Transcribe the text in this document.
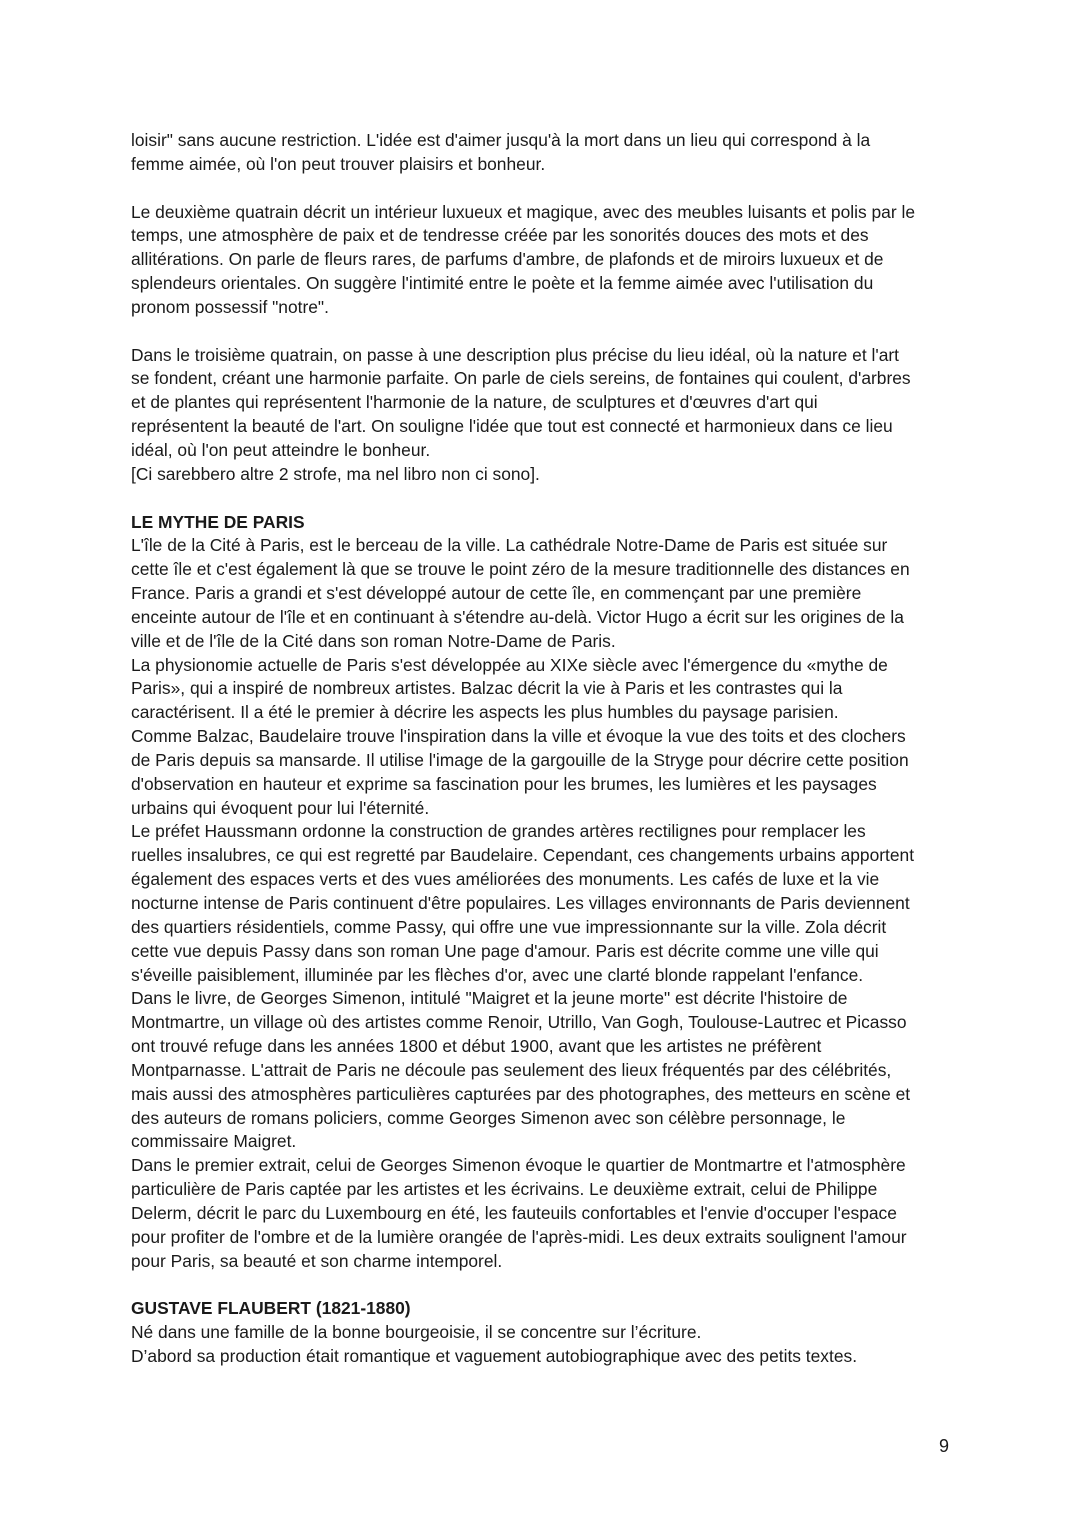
loisir" sans aucune restriction. L'idée est d'aimer jusqu'à la mort dans un lieu qui correspond à la
femme aimée, où l'on peut trouver plaisirs et bonheur.
Le deuxième quatrain décrit un intérieur luxueux et magique, avec des meubles luisants et polis par le
temps, une atmosphère de paix et de tendresse créée par les sonorités douces des mots et des
allitérations. On parle de fleurs rares, de parfums d'ambre, de plafonds et de miroirs luxueux et de
splendeurs orientales. On suggère l'intimité entre le poète et la femme aimée avec l'utilisation du
pronom possessif "notre".
Dans le troisième quatrain, on passe à une description plus précise du lieu idéal, où la nature et l'art
se fondent, créant une harmonie parfaite. On parle de ciels sereins, de fontaines qui coulent, d'arbres
et de plantes qui représentent l'harmonie de la nature, de sculptures et d'œuvres d'art qui
représentent la beauté de l'art. On souligne l'idée que tout est connecté et harmonieux dans ce lieu
idéal, où l'on peut atteindre le bonheur.
[Ci sarebbero altre 2 strofe, ma nel libro non ci sono].
LE MYTHE DE PARIS
L'île de la Cité à Paris, est le berceau de la ville. La cathédrale Notre-Dame de Paris est située sur
cette île et c'est également là que se trouve le point zéro de la mesure traditionnelle des distances en
France. Paris a grandi et s'est développé autour de cette île, en commençant par une première
enceinte autour de l'île et en continuant à s'étendre au-delà. Victor Hugo a écrit sur les origines de la
ville et de l'île de la Cité dans son roman Notre-Dame de Paris.
La physionomie actuelle de Paris s'est développée au XIXe siècle avec l'émergence du «mythe de
Paris», qui a inspiré de nombreux artistes. Balzac décrit la vie à Paris et les contrastes qui la
caractérisent. Il a été le premier à décrire les aspects les plus humbles du paysage parisien.
Comme Balzac, Baudelaire trouve l'inspiration dans la ville et évoque la vue des toits et des clochers
de Paris depuis sa mansarde. Il utilise l'image de la gargouille de la Stryge pour décrire cette position
d'observation en hauteur et exprime sa fascination pour les brumes, les lumières et les paysages
urbains qui évoquent pour lui l'éternité.
Le préfet Haussmann ordonne la construction de grandes artères rectilignes pour remplacer les
ruelles insalubres, ce qui est regretté par Baudelaire. Cependant, ces changements urbains apportent
également des espaces verts et des vues améliorées des monuments. Les cafés de luxe et la vie
nocturne intense de Paris continuent d'être populaires. Les villages environnants de Paris deviennent
des quartiers résidentiels, comme Passy, qui offre une vue impressionnante sur la ville. Zola décrit
cette vue depuis Passy dans son roman Une page d'amour. Paris est décrite comme une ville qui
s'éveille paisiblement, illuminée par les flèches d'or, avec une clarté blonde rappelant l'enfance.
Dans le livre, de Georges Simenon, intitulé "Maigret et la jeune morte" est décrite l'histoire de
Montmartre, un village où des artistes comme Renoir, Utrillo, Van Gogh, Toulouse-Lautrec et Picasso
ont trouvé refuge dans les années 1800 et début 1900, avant que les artistes ne préfèrent
Montparnasse. L'attrait de Paris ne découle pas seulement des lieux fréquentés par des célébrités,
mais aussi des atmosphères particulières capturées par des photographes, des metteurs en scène et
des auteurs de romans policiers, comme Georges Simenon avec son célèbre personnage, le
commissaire Maigret.
Dans le premier extrait, celui de Georges Simenon évoque le quartier de Montmartre et l'atmosphère
particulière de Paris captée par les artistes et les écrivains. Le deuxième extrait, celui de Philippe
Delerm, décrit le parc du Luxembourg en été, les fauteuils confortables et l'envie d'occuper l'espace
pour profiter de l'ombre et de la lumière orangée de l'après-midi. Les deux extraits soulignent l'amour
pour Paris, sa beauté et son charme intemporel.
GUSTAVE FLAUBERT (1821-1880)
Né dans une famille de la bonne bourgeoisie, il se concentre sur l’écriture.
D’abord sa production était romantique et vaguement autobiographique avec des petits textes.
9
